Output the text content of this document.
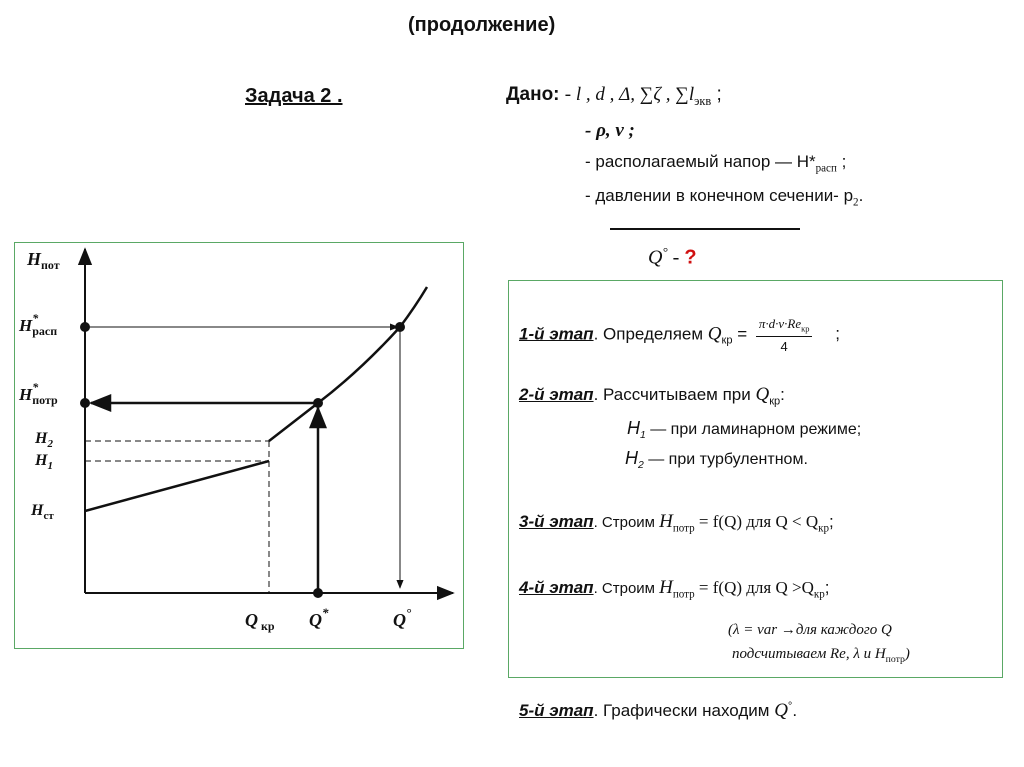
(продолжение)
Задача 2 .	Дано: - l , d , Δ, ∑ζ , $\sum l_{экв}$ ;
- ρ, ν ;
- располагаемый напор — $H*_{расп}$ ;
- давлении в конечном сечении- $p_2$.
Q° - ?
$H_{пот}$
H* расп
H* потр
$H_2$
$H_1$
$H_{ст}$
Q $_{кр}$ Q*	Q°
1-й этап. Определяем $Q_{кр} = \frac{\pi\cdot d\cdot\nu\cdot Re_{кр}}{4}$ ;
2-й этап. Рассчитываем при $Q_{кр}$:
$H_1$ — при ламинарном режиме;
$H_2$ — при турбулентном.
3-й этап. Строим $H_{потр} = f(Q)$ для $Q < Q_{кр}$;
4-й этап. Строим $H_{потр} = f(Q)$ для $Q >Q_{кр}$;
(λ = var →для каждого Q
подсчитываем Re, λ и $H_{потр}$)
5-й этап. Графически находим Q°.
